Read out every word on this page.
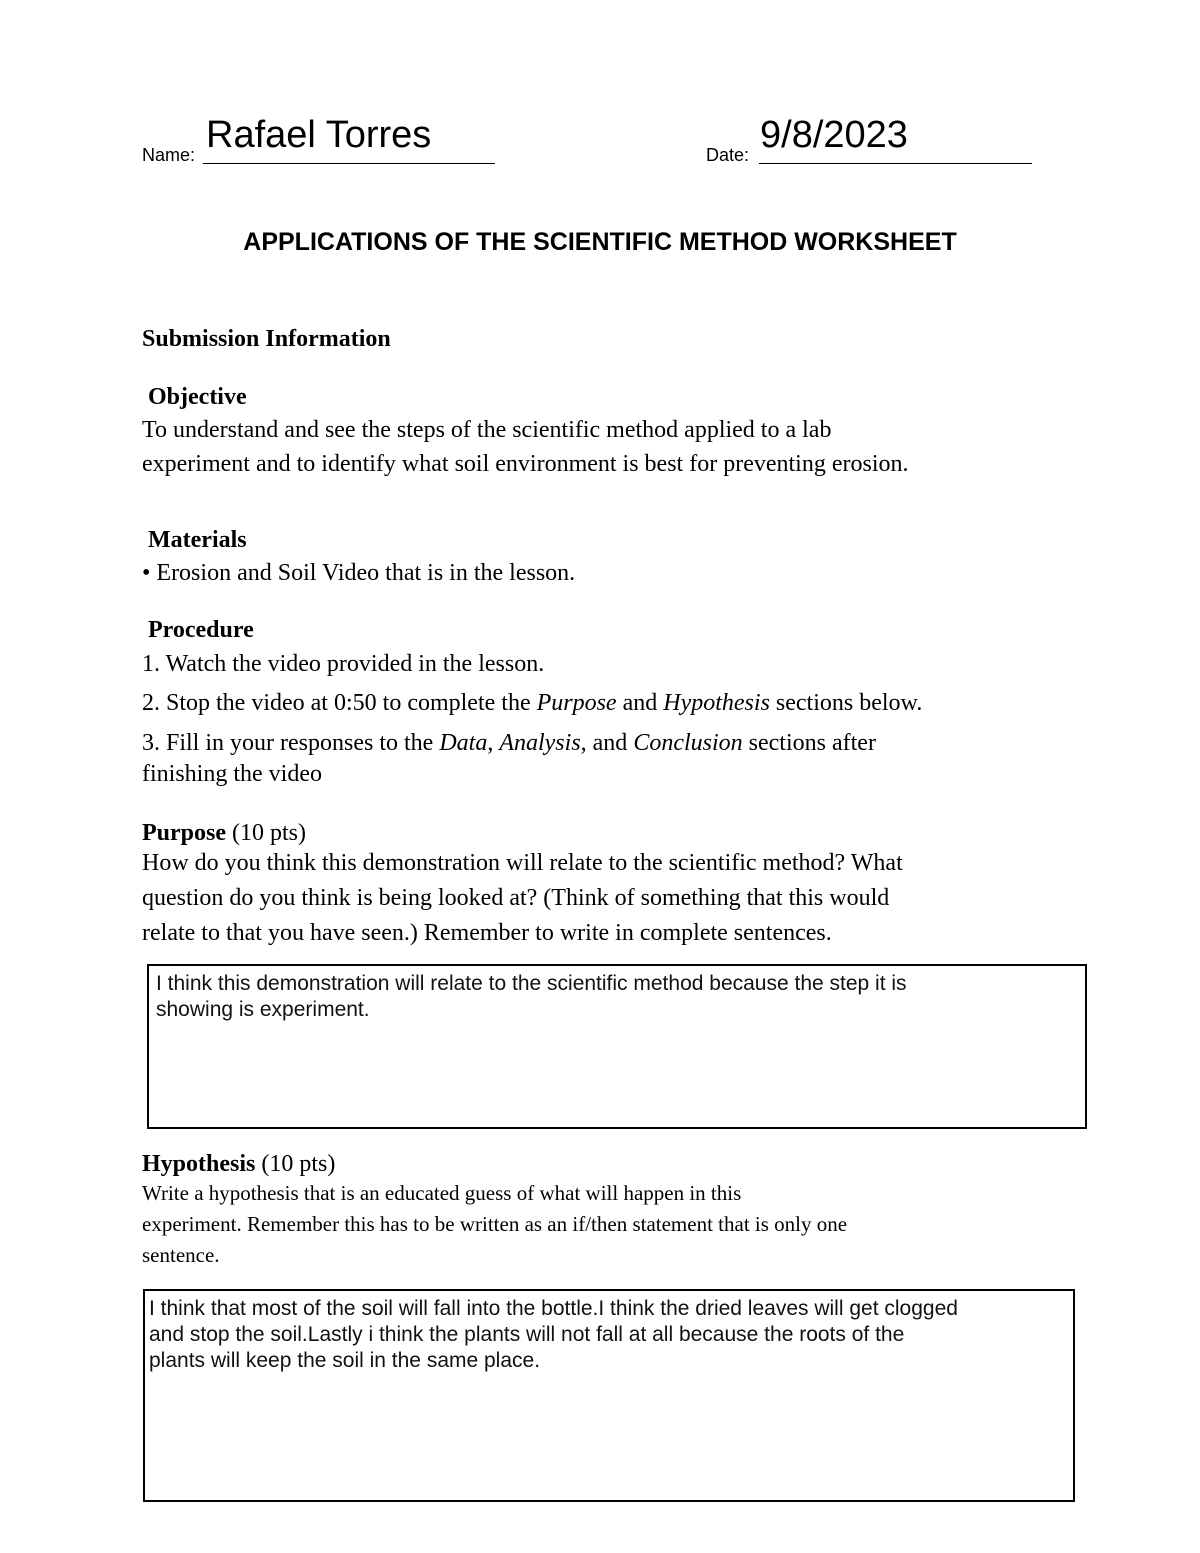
Name: Rafael Torres	Date: 9/8/2023
APPLICATIONS OF THE SCIENTIFIC METHOD WORKSHEET
Submission Information
Objective
To understand and see the steps of the scientific method applied to a lab
experiment and to identify what soil environment is best for preventing erosion.
Materials
• Erosion and Soil Video that is in the lesson.
Procedure
1. Watch the video provided in the lesson.
2. Stop the video at 0:50 to complete the Purpose and Hypothesis sections below.
3. Fill in your responses to the Data, Analysis, and Conclusion sections after
finishing the video
Purpose (10 pts)
How do you think this demonstration will relate to the scientific method? What
question do you think is being looked at? (Think of something that this would
relate to that you have seen.) Remember to write in complete sentences.
I think this demonstration will relate to the scientific method because the step it is
showing is experiment.
Hypothesis (10 pts)
Write a hypothesis that is an educated guess of what will happen in this
experiment. Remember this has to be written as an if/then statement that is only one
sentence.
I think that most of the soil will fall into the bottle.I think the dried leaves will get clogged
and stop the soil.Lastly i think the plants will not fall at all because the roots of the
plants will keep the soil in the same place.
